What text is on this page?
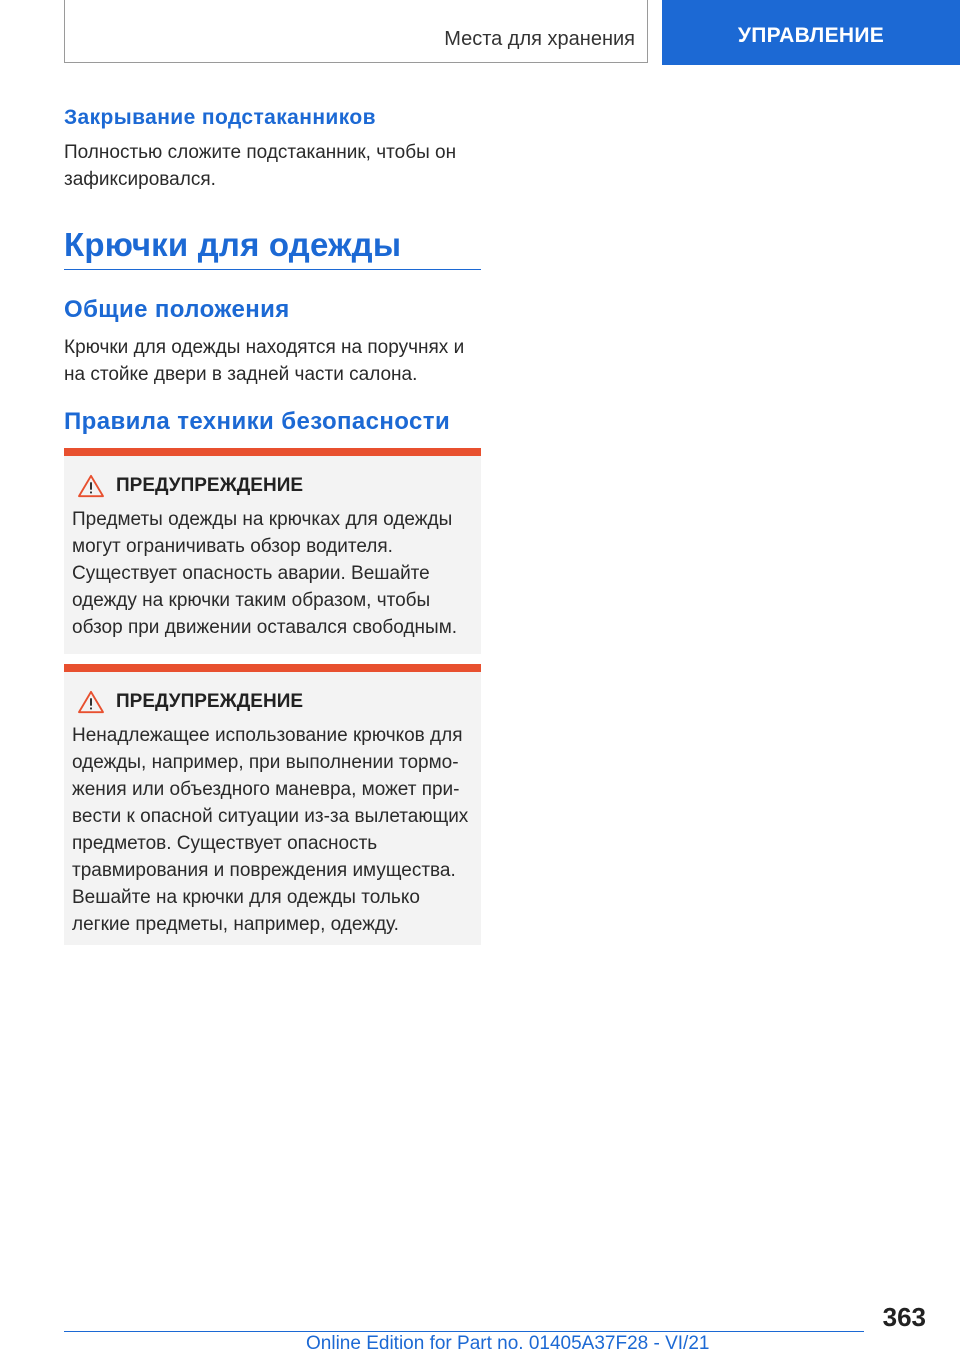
Места для хранения	УПРАВЛЕНИЕ
Закрывание подстаканников
Полностью сложите подстаканник, чтобы он зафиксировался.
Крючки для одежды
Общие положения
Крючки для одежды находятся на поручнях и на стойке двери в задней части салона.
Правила техники безопасности
ПРЕДУПРЕЖДЕНИЕ
Предметы одежды на крючках для одежды могут ограничивать обзор водителя. Существует опасность аварии. Вешайте одежду на крючки таким образом, чтобы обзор при движении оставался свободным.
ПРЕДУПРЕЖДЕНИЕ
Ненадлежащее использование крючков для одежды, например, при выполнении торможения или объездного маневра, может привести к опасной ситуации из-за вылетающих предметов. Существует опасность травмирования и повреждения имущества. Вешайте на крючки для одежды только легкие предметы, например, одежду.
363
Online Edition for Part no. 01405A37F28 - VI/21
